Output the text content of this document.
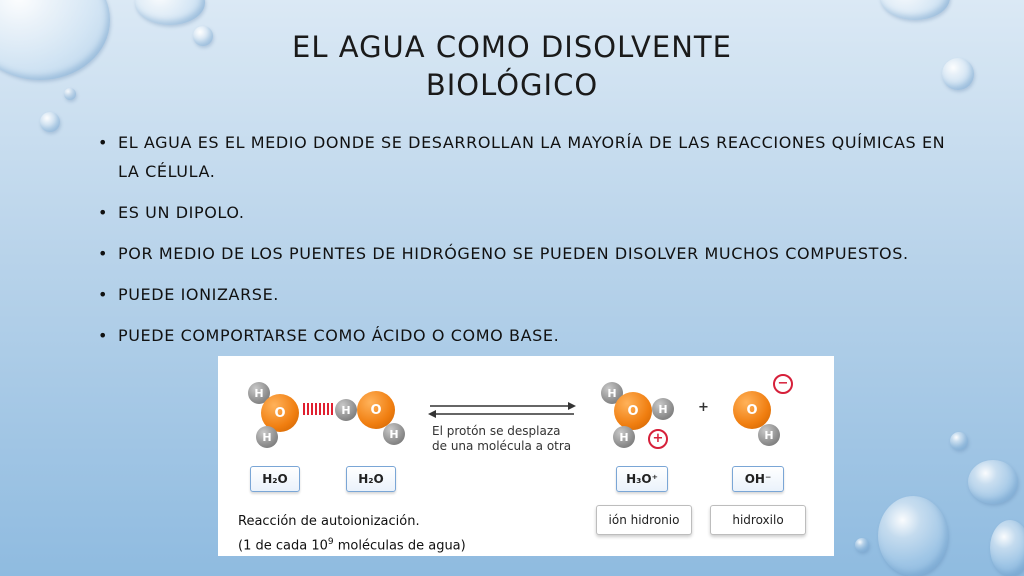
EL AGUA COMO DISOLVENTE
BIOLÓGICO
• EL AGUA ES EL MEDIO DONDE SE DESARROLLAN LA MAYORÍA DE LAS REACCIONES QUÍMICAS EN LA CÉLULA.
• ES UN DIPOLO.
• POR MEDIO DE LOS PUENTES DE HIDRÓGENO SE PUEDEN DISOLVER MUCHOS COMPUESTOS.
• PUEDE IONIZARSE.
• PUEDE COMPORTARSE COMO ÁCIDO O COMO BASE.
H
O
H
H	O
H	El protón se desplaza
de una molécula a otra
H
O	H
H	+
+
−
O
H
H₂O	H₂O	H₃O⁺	OH⁻
ión hidronio	hidroxilo
Reacción de autoionización.
(1 de cada $10^9$ moléculas de agua)
